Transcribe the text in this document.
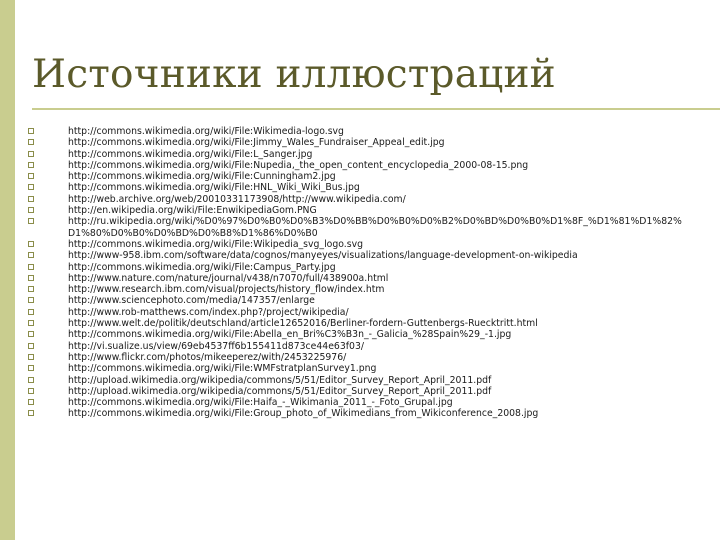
Источники иллюстраций
http://commons.wikimedia.org/wiki/File:Wikimedia-logo.svg
http://commons.wikimedia.org/wiki/File:Jimmy_Wales_Fundraiser_Appeal_edit.jpg
http://commons.wikimedia.org/wiki/File:L_Sanger.jpg
http://commons.wikimedia.org/wiki/File:Nupedia,_the_open_content_encyclopedia_2000-08-15.png
http://commons.wikimedia.org/wiki/File:Cunningham2.jpg
http://commons.wikimedia.org/wiki/File:HNL_Wiki_Wiki_Bus.jpg
http://web.archive.org/web/20010331173908/http://www.wikipedia.com/
http://en.wikipedia.org/wiki/File:EnwikipediaGom.PNG
http://ru.wikipedia.org/wiki/%D0%97%D0%B0%D0%B3%D0%BB%D0%B0%D0%B2%D0%BD%D0%B0%D1%8F_%D1%81%D1%82%D1%80%D0%B0%D0%BD%D0%B8%D1%86%D0%B0
http://commons.wikimedia.org/wiki/File:Wikipedia_svg_logo.svg
http://www-958.ibm.com/software/data/cognos/manyeyes/visualizations/language-development-on-wikipedia
http://commons.wikimedia.org/wiki/File:Campus_Party.jpg
http://www.nature.com/nature/journal/v438/n7070/full/438900a.html
http://www.research.ibm.com/visual/projects/history_flow/index.htm
http://www.sciencephoto.com/media/147357/enlarge
http://www.rob-matthews.com/index.php?/project/wikipedia/
http://www.welt.de/politik/deutschland/article12652016/Berliner-fordern-Guttenbergs-Ruecktritt.html
http://commons.wikimedia.org/wiki/File:Abella_en_Bri%C3%B3n_-_Galicia_%28Spain%29_-1.jpg
http://vi.sualize.us/view/69eb4537ff6b155411d873ce44e63f03/
http://www.flickr.com/photos/mikeeperez/with/2453225976/
http://commons.wikimedia.org/wiki/File:WMFstratplanSurvey1.png
http://upload.wikimedia.org/wikipedia/commons/5/51/Editor_Survey_Report_April_2011.pdf
http://upload.wikimedia.org/wikipedia/commons/5/51/Editor_Survey_Report_April_2011.pdf
http://commons.wikimedia.org/wiki/File:Haifa_-_Wikimania_2011_-_Foto_Grupal.jpg
http://commons.wikimedia.org/wiki/File:Group_photo_of_Wikimedians_from_Wikiconference_2008.jpg
